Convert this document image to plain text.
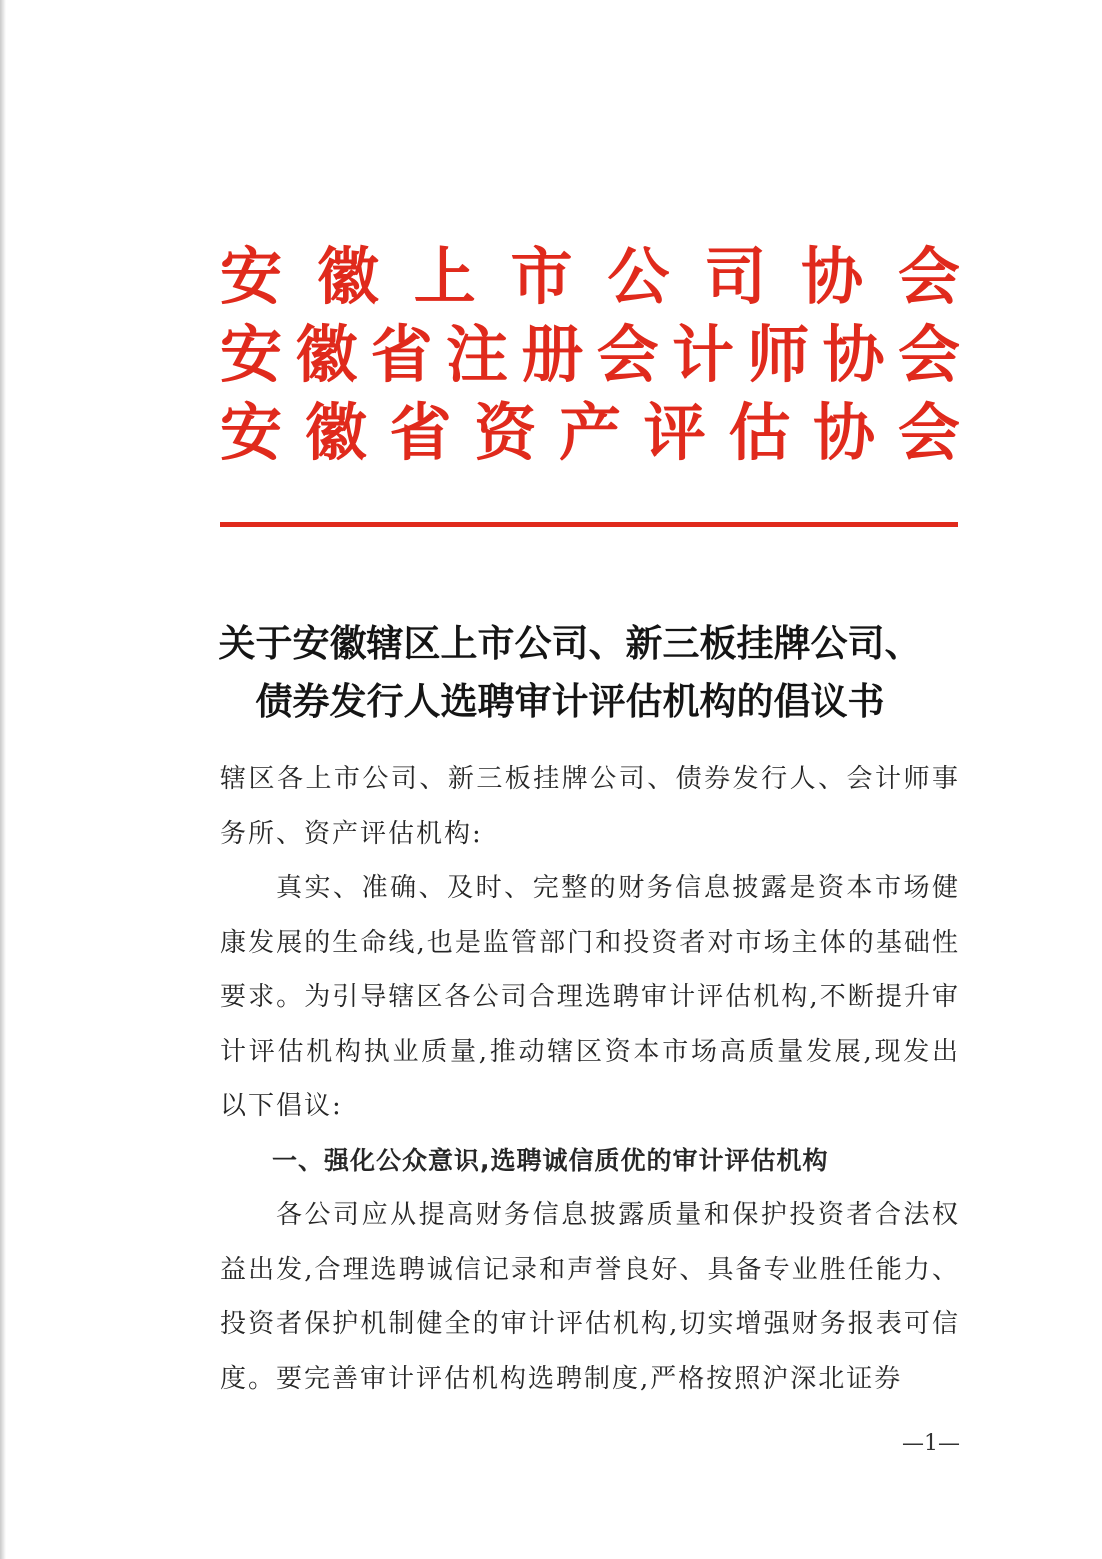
安 徽 上 市 公 司 协 会
安 徽 省 注 册 会 计 师 协 会
安 徽 省 资 产 评 估 协 会
关于安徽辖区上市公司、新三板挂牌公司、
债券发行人选聘审计评估机构的倡议书

辖区各上市公司、新三板挂牌公司、债券发行人、会计师事务所、资产评估机构:

真实、准确、及时、完整的财务信息披露是资本市场健康发展的生命线,也是监管部门和投资者对市场主体的基础性要求。为引导辖区各公司合理选聘审计评估机构,不断提升审计评估机构执业质量,推动辖区资本市场高质量发展,现发出以下倡议:

一、强化公众意识,选聘诚信质优的审计评估机构

各公司应从提高财务信息披露质量和保护投资者合法权益出发,合理选聘诚信记录和声誉良好、具备专业胜任能力、投资者保护机制健全的审计评估机构,切实增强财务报表可信度。要完善审计评估机构选聘制度,严格按照沪深北证券

—1—
